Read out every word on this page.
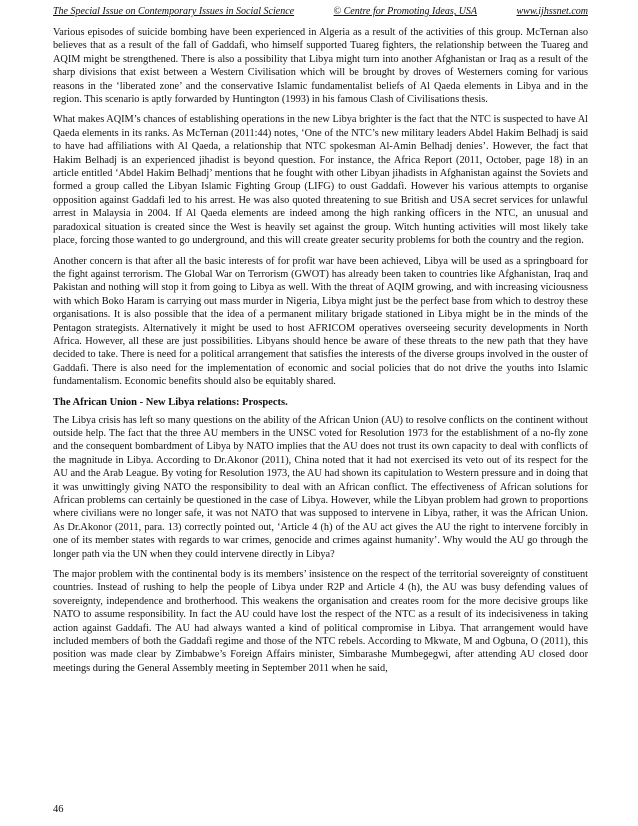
The Special Issue on Contemporary Issues in Social Science	© Centre for Promoting Ideas, USA	www.ijhssnet.com

Various episodes of suicide bombing have been experienced in Algeria as a result of the activities of this group. McTernan also believes that as a result of the fall of Gaddafi, who himself supported Tuareg fighters, the relationship between the Tuareg and AQIM might be strengthened. There is also a possibility that Libya might turn into another Afghanistan or Iraq as a result of the sharp divisions that exist between a Western Civilisation which will be brought by droves of Westerners coming for various reasons in the ‘liberated zone’ and the conservative Islamic fundamentalist beliefs of Al Qaeda elements in Libya and in the region. This scenario is aptly forwarded by Huntington (1993) in his famous Clash of Civilisations thesis.

What makes AQIM’s chances of establishing operations in the new Libya brighter is the fact that the NTC is suspected to have Al Qaeda elements in its ranks. As McTernan (2011:44) notes, ‘One of the NTC’s new military leaders Abdel Hakim Belhadj is said to have had affiliations with Al Qaeda, a relationship that NTC spokesman Al-Amin Belhadj denies’. However, the fact that Hakim Belhadj is an experienced jihadist is beyond question. For instance, the Africa Report (2011, October, page 18) in an article entitled ‘Abdel Hakim Belhadj’ mentions that he fought with other Libyan jihadists in Afghanistan against the Soviets and formed a group called the Libyan Islamic Fighting Group (LIFG) to oust Gaddafi. However his various attempts to organise opposition against Gaddafi led to his arrest. He was also quoted threatening to sue British and USA secret services for unlawful arrest in Malaysia in 2004. If Al Qaeda elements are indeed among the high ranking officers in the NTC, an unusual and paradoxical situation is created since the West is heavily set against the group. Witch hunting activities will most likely take place, forcing those wanted to go underground, and this will create greater security problems for both the country and the region.

Another concern is that after all the basic interests of for profit war have been achieved, Libya will be used as a springboard for the fight against terrorism. The Global War on Terrorism (GWOT) has already been taken to countries like Afghanistan, Iraq and Pakistan and nothing will stop it from going to Libya as well. With the threat of AQIM growing, and with increasing viciousness with which Boko Haram is carrying out mass murder in Nigeria, Libya might just be the perfect base from which to destroy these organisations. It is also possible that the idea of a permanent military brigade stationed in Libya might be in the minds of the Pentagon strategists. Alternatively it might be used to host AFRICOM operatives overseeing security developments in North Africa. However, all these are just possibilities. Libyans should hence be aware of these threats to the new path that they have decided to take. There is need for a political arrangement that satisfies the interests of the diverse groups involved in the ouster of Gaddafi. There is also need for the implementation of economic and social policies that do not drive the youths into Islamic fundamentalism. Economic benefits should also be equitably shared.

The African Union - New Libya relations: Prospects.

The Libya crisis has left so many questions on the ability of the African Union (AU) to resolve conflicts on the continent without outside help. The fact that the three AU members in the UNSC voted for Resolution 1973 for the establishment of a no-fly zone and the consequent bombardment of Libya by NATO implies that the AU does not trust its own capacity to deal with conflicts of the magnitude in Libya. According to Dr.Akonor (2011), China noted that it had not exercised its veto out of its respect for the AU and the Arab League. By voting for Resolution 1973, the AU had shown its capitulation to Western pressure and in doing that it was unwittingly giving NATO the responsibility to deal with an African conflict. The effectiveness of African solutions for African problems can certainly be questioned in the case of Libya. However, while the Libyan problem had grown to proportions where civilians were no longer safe, it was not NATO that was supposed to intervene in Libya, rather, it was the African Union. As Dr.Akonor (2011, para. 13) correctly pointed out, ‘Article 4 (h) of the AU act gives the AU the right to intervene forcibly in one of its member states with regards to war crimes, genocide and crimes against humanity’. Why would the AU go through the longer path via the UN when they could intervene directly in Libya?

The major problem with the continental body is its members’ insistence on the respect of the territorial sovereignty of constituent countries. Instead of rushing to help the people of Libya under R2P and Article 4 (h), the AU was busy defending values of sovereignty, independence and brotherhood. This weakens the organisation and creates room for the more decisive groups like NATO to assume responsibility. In fact the AU could have lost the respect of the NTC as a result of its indecisiveness in taking action against Gaddafi. The AU had always wanted a kind of political compromise in Libya. That arrangement would have included members of both the Gaddafi regime and those of the NTC rebels. According to Mkwate, M and Ogbuna, O (2011), this position was made clear by Zimbabwe’s Foreign Affairs minister, Simbarashe Mumbegegwi, after attending AU closed door meetings during the General Assembly meeting in September 2011 when he said,

46
